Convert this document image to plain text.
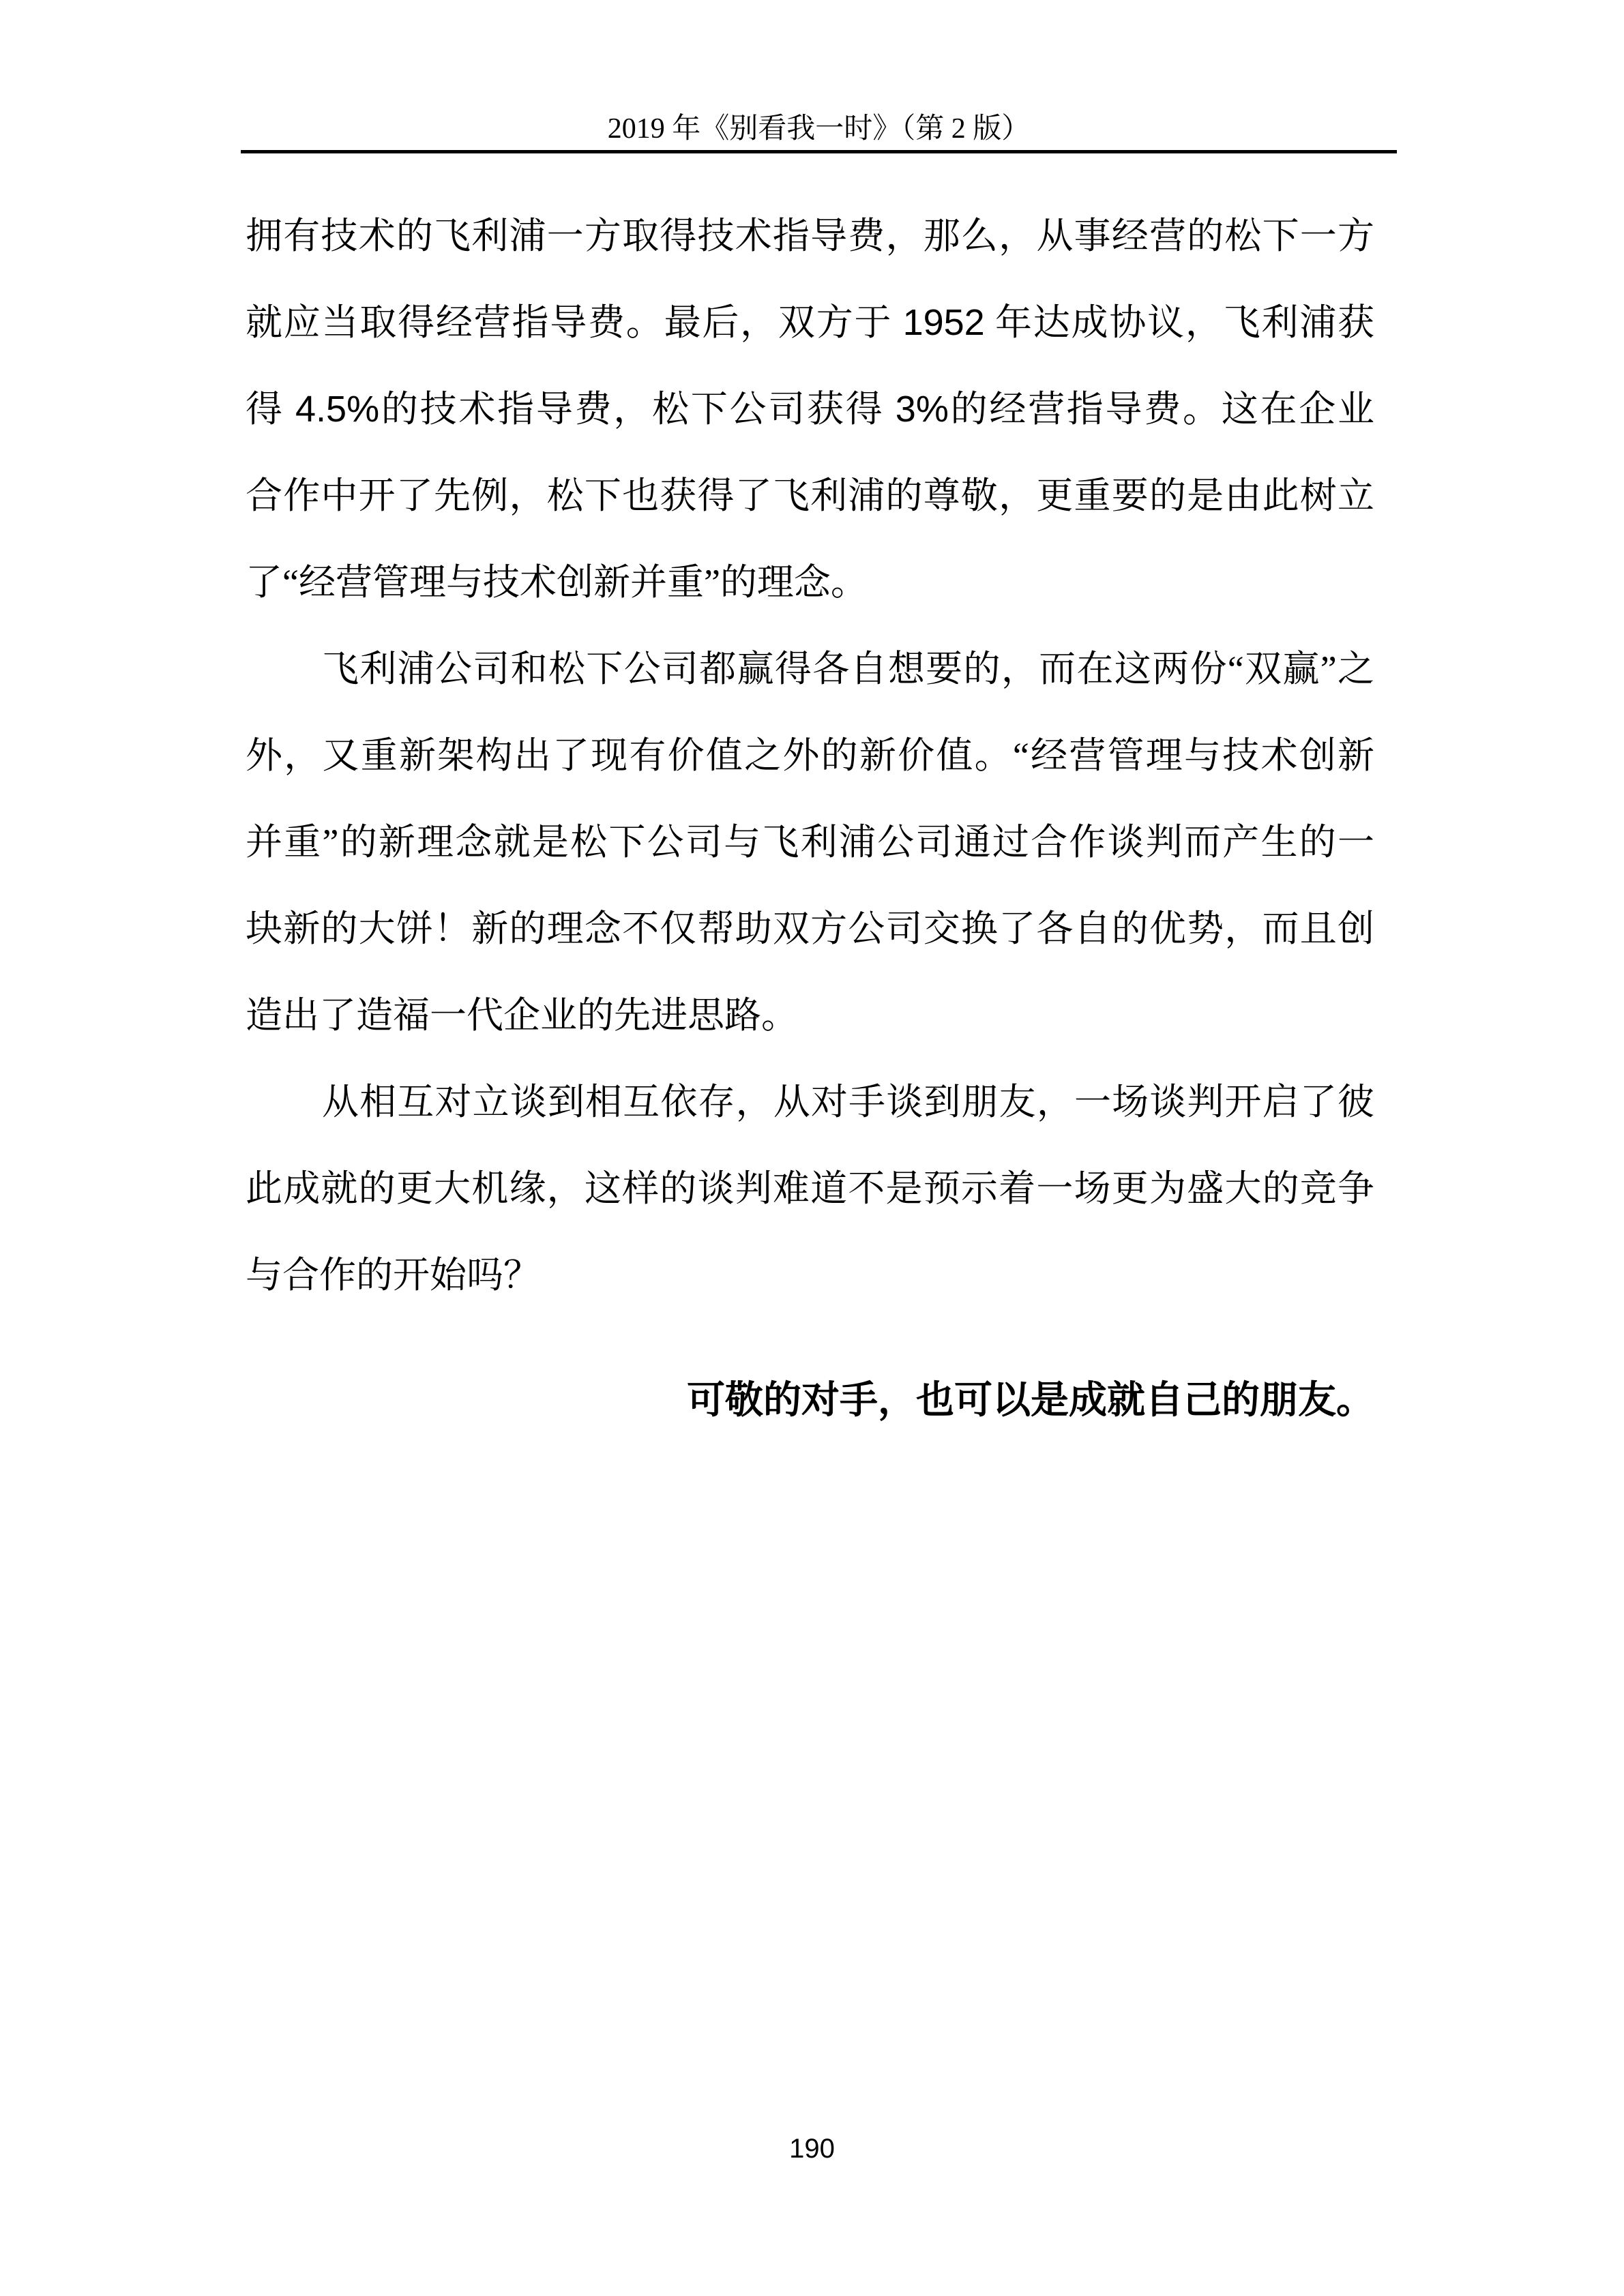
2019 年《别看我一时》（第 2 版）
拥有技术的飞利浦一方取得技术指导费，那么，从事经营的松下一方
就应当取得经营指导费。最后，双方于 1952 年达成协议，飞利浦获
得 4.5%的技术指导费，松下公司获得 3%的经营指导费。这在企业
合作中开了先例，松下也获得了飞利浦的尊敬，更重要的是由此树立
了“经营管理与技术创新并重”的理念。
飞利浦公司和松下公司都赢得各自想要的，而在这两份“双赢”之
外，又重新架构出了现有价值之外的新价值。“经营管理与技术创新
并重”的新理念就是松下公司与飞利浦公司通过合作谈判而产生的一
块新的大饼！新的理念不仅帮助双方公司交换了各自的优势，而且创
造出了造福一代企业的先进思路。
从相互对立谈到相互依存，从对手谈到朋友，一场谈判开启了彼
此成就的更大机缘，这样的谈判难道不是预示着一场更为盛大的竞争
与合作的开始吗？
可敬的对手，也可以是成就自己的朋友。
190
